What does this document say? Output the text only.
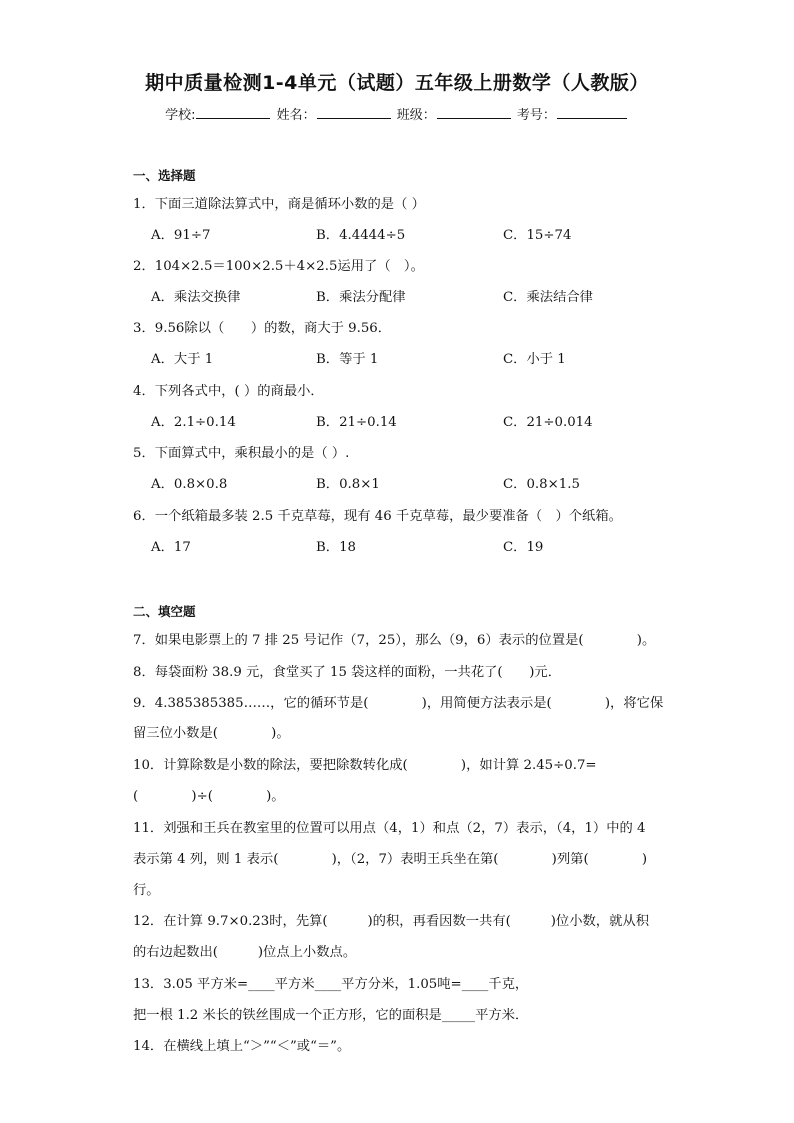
期中质量检测1-4单元（试题）五年级上册数学（人教版）
学校:	姓名：	班级：	考号：
一、选择题
1．下面三道除法算式中，商是循环小数的是（ ）
A．91÷7	B．4.4444÷5	C．15÷74
2．104×2.5＝100×2.5＋4×2.5运用了（　）。
A．乘法交换律	B．乘法分配律	C．乘法结合律
3．9.56除以（　　）的数，商大于 9.56．
A．大于 1	B．等于 1	C．小于 1
4．下列各式中，( ）的商最小．
A．2.1÷0.14	B．21÷0.14	C．21÷0.014
5．下面算式中，乘积最小的是（ ）.
A．0.8×0.8	B．0.8×1	C．0.8×1.5
6．一个纸箱最多装 2.5 千克草莓，现有 46 千克草莓，最少要准备（　）个纸箱。
A．17	B．18	C．19
二、填空题
7．如果电影票上的 7 排 25 号记作（7，25），那么（9，6）表示的位置是(　　　　)。
8．每袋面粉 38.9 元，食堂买了 15 袋这样的面粉，一共花了(　　)元．
9．4.385385385……，它的循环节是(　　　　)，用简便方法表示是(　　　　)，将它保
留三位小数是(　　　　)。
10．计算除数是小数的除法，要把除数转化成(　　　　)，如计算 2.45÷0.7=
(　　　　)÷(　　　　)。
11．刘强和王兵在教室里的位置可以用点（4，1）和点（2，7）表示，（4，1）中的 4
表示第 4 列，则 1 表示(　　　　)，（2，7）表明王兵坐在第(　　　　)列第(　　　　)
行。
12．在计算 9.7×0.23时，先算(　　　)的积，再看因数一共有(　　　)位小数，就从积
的右边起数出(　　　)位点上小数点。
13．3.05 平方米=____平方米____平方分米，1.05吨=____千克，
把一根 1.2 米长的铁丝围成一个正方形，它的面积是_____平方米．
14．在横线上填上“＞”“＜”或“＝”。
